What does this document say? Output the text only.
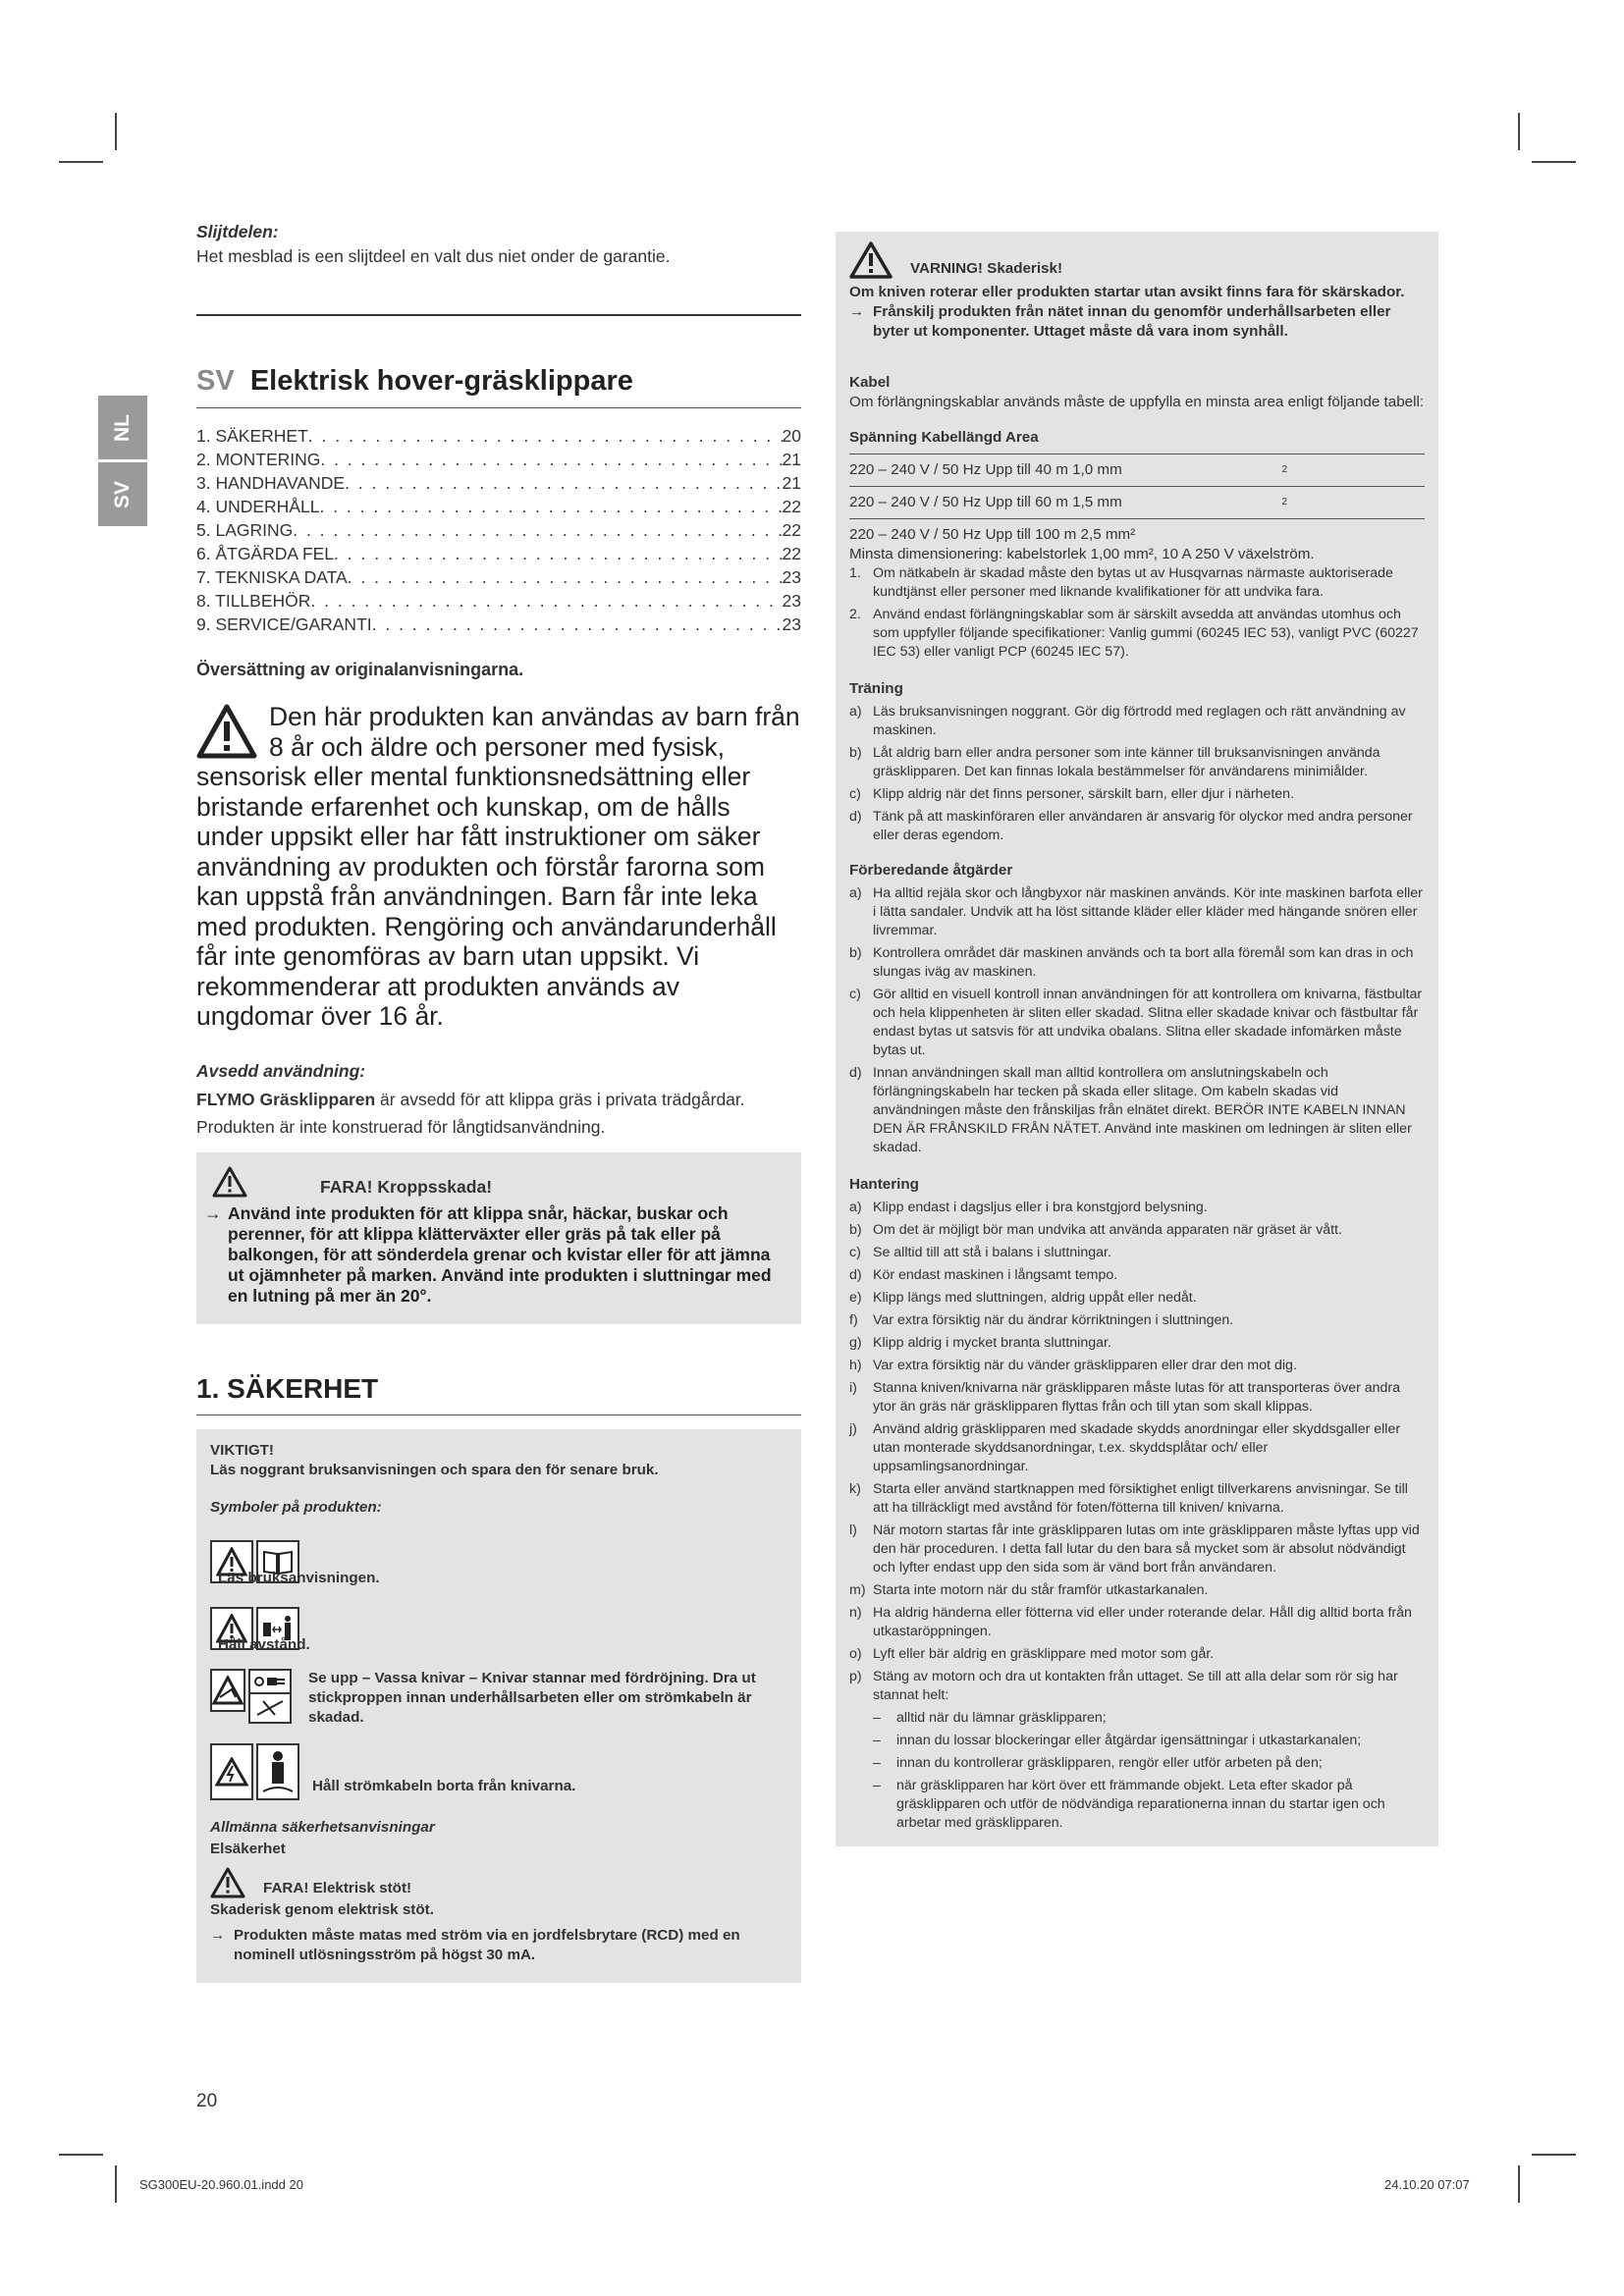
NL
SV
Slijtdelen:
Het mesblad is een slijtdeel en valt dus niet onder de garantie.
SV Elektrisk hover-gräsklippare
1. SÄKERHET . . .	20
2. MONTERING . . .	21
3. HANDHAVANDE . . .	21
4. UNDERHÅLL . . .	22
5. LAGRING . . .	22
6. ÅTGÄRDA FEL . . .	22
7. TEKNISKA DATA . . .	23
8. TILLBEHÖR . . .	23
9. SERVICE/GARANTI . . .	23
Översättning av originalanvisningarna.
Den här produkten kan användas av barn från 8 år och äldre och personer med fysisk, sensorisk eller mental funktionsnedsättning eller bristande erfarenhet och kunskap, om de hålls under uppsikt eller har fått instruktioner om säker användning av produkten och förstår farorna som kan uppstå från användningen. Barn får inte leka med produkten. Rengöring och användarunderhåll får inte genomföras av barn utan uppsikt. Vi rekommenderar att produkten används av ungdomar över 16 år.
Avsedd användning:
FLYMO Gräsklipparen är avsedd för att klippa gräs i privata trädgårdar.
Produkten är inte konstruerad för långtidsanvändning.
FARA! Kroppsskada!
→ Använd inte produkten för att klippa snår, häckar, buskar och perenner, för att klippa klätterväxter eller gräs på tak eller på balkongen, för att sönderdela grenar och kvistar eller för att jämna ut ojämnheter på marken. Använd inte produkten i sluttningar med en lutning på mer än 20°.
1. SÄKERHET
VIKTIGT!
Läs noggrant bruksanvisningen och spara den för senare bruk.
Symboler på produkten:
Läs bruksanvisningen.
Håll avstånd.
Se upp – Vassa knivar – Knivar stannar med fördröjning. Dra ut stickproppen innan underhållsarbeten eller om strömkabeln är skadad.
Håll strömkabeln borta från knivarna.
Allmänna säkerhetsanvisningar
Elsäkerhet
FARA! Elektrisk stöt!
Skaderisk genom elektrisk stöt.
→ Produkten måste matas med ström via en jordfelsbrytare (RCD) med en nominell utlösningsström på högst 30 mA.
VARNING! Skaderisk!
Om kniven roterar eller produkten startar utan avsikt finns fara för skärskador.
→ Frånskilj produkten från nätet innan du genomför underhållsarbeten eller byter ut komponenter. Uttaget måste då vara inom synhåll.
Kabel
Om förlängningskablar används måste de uppfylla en minsta area enligt följande tabell:
Spänning Kabellängd Area
220 – 240 V / 50 Hz Upp till 40 m 1,0 mm	2
220 – 240 V / 50 Hz Upp till 60 m 1,5 mm	2
220 – 240 V / 50 Hz Upp till 100 m 2,5 mm²
Minsta dimensionering: kabelstorlek 1,00 mm², 10 A 250 V växelström.
1. Om nätkabeln är skadad måste den bytas ut av Husqvarnas närmaste auktoriserade kundtjänst eller personer med liknande kvalifikationer för att undvika fara.
2. Använd endast förlängningskablar som är särskilt avsedda att användas utomhus och som uppfyller följande specifikationer: Vanlig gummi (60245 IEC 53), vanligt PVC (60227 IEC 53) eller vanligt PCP (60245 IEC 57).
Träning
a) Läs bruksanvisningen noggrant. Gör dig förtrodd med reglagen och rätt användning av maskinen.
b) Låt aldrig barn eller andra personer som inte känner till bruksanvisningen använda gräsklipparen. Det kan finnas lokala bestämmelser för användarens minimiålder.
c) Klipp aldrig när det finns personer, särskilt barn, eller djur i närheten.
d) Tänk på att maskinföraren eller användaren är ansvarig för olyckor med andra personer eller deras egendom.
Förberedande åtgärder
a) Ha alltid rejäla skor och långbyxor när maskinen används. Kör inte maskinen barfota eller i lätta sandaler. Undvik att ha löst sittande kläder eller kläder med hängande snören eller livremmar.
b) Kontrollera området där maskinen används och ta bort alla föremål som kan dras in och slungas iväg av maskinen.
c) Gör alltid en visuell kontroll innan användningen för att kontrollera om knivarna, fästbultar och hela klippenheten är sliten eller skadad. Slitna eller skadade knivar och fästbultar får endast bytas ut satsvis för att undvika obalans. Slitna eller skadade infomärken måste bytas ut.
d) Innan användningen skall man alltid kontrollera om anslutningskabeln och förlängningskabeln har tecken på skada eller slitage. Om kabeln skadas vid användningen måste den frånskiljas från elnätet direkt. BERÖR INTE KABELN INNAN DEN ÄR FRÅNSKILD FRÅN NÄTET. Använd inte maskinen om ledningen är sliten eller skadad.
Hantering
a) Klipp endast i dagsljus eller i bra konstgjord belysning.
b) Om det är möjligt bör man undvika att använda apparaten när gräset är vått.
c) Se alltid till att stå i balans i sluttningar.
d) Kör endast maskinen i långsamt tempo.
e) Klipp längs med sluttningen, aldrig uppåt eller nedåt.
f)	Var extra försiktig när du ändrar körriktningen i sluttningen.
g) Klipp aldrig i mycket branta sluttningar.
h) Var extra försiktig när du vänder gräsklipparen eller drar den mot dig.
i)	Stanna kniven/knivarna när gräsklipparen måste lutas för att transporteras över andra ytor än gräs när gräsklipparen flyttas från och till ytan som skall klippas.
j)	Använd aldrig gräsklipparen med skadade skydds anordningar eller skyddsgaller eller utan monterade skyddsanordningar, t.ex. skyddsplåtar och/ eller uppsamlingsanordningar.
k) Starta eller använd startknappen med försiktighet enligt tillverkarens anvisningar. Se till att ha tillräckligt med avstånd för foten/fötterna till kniven/ knivarna.
l)	När motorn startas får inte gräsklipparen lutas om inte gräsklipparen måste lyftas upp vid den här proceduren. I detta fall lutar du den bara så mycket som är absolut nödvändigt och lyfter endast upp den sida som är vänd bort från användaren.
m) Starta inte motorn när du står framför utkastarkanalen.
n) Ha aldrig händerna eller fötterna vid eller under roterande delar. Håll dig alltid borta från utkastaröppningen.
o) Lyft eller bär aldrig en gräsklippare med motor som går.
p) Stäng av motorn och dra ut kontakten från uttaget. Se till att alla delar som rör sig har stannat helt:
–	alltid när du lämnar gräsklipparen;
–	innan du lossar blockeringar eller åtgärdar igensättningar i utkastarkanalen;
–	innan du kontrollerar gräsklipparen, rengör eller utför arbeten på den;
–	när gräsklipparen har kört över ett främmande objekt. Leta efter skador på gräsklipparen och utför de nödvändiga reparationerna innan du startar igen och arbetar med gräsklipparen.
20
SG300EU-20.960.01.indd 20	24.10.20 07:07
